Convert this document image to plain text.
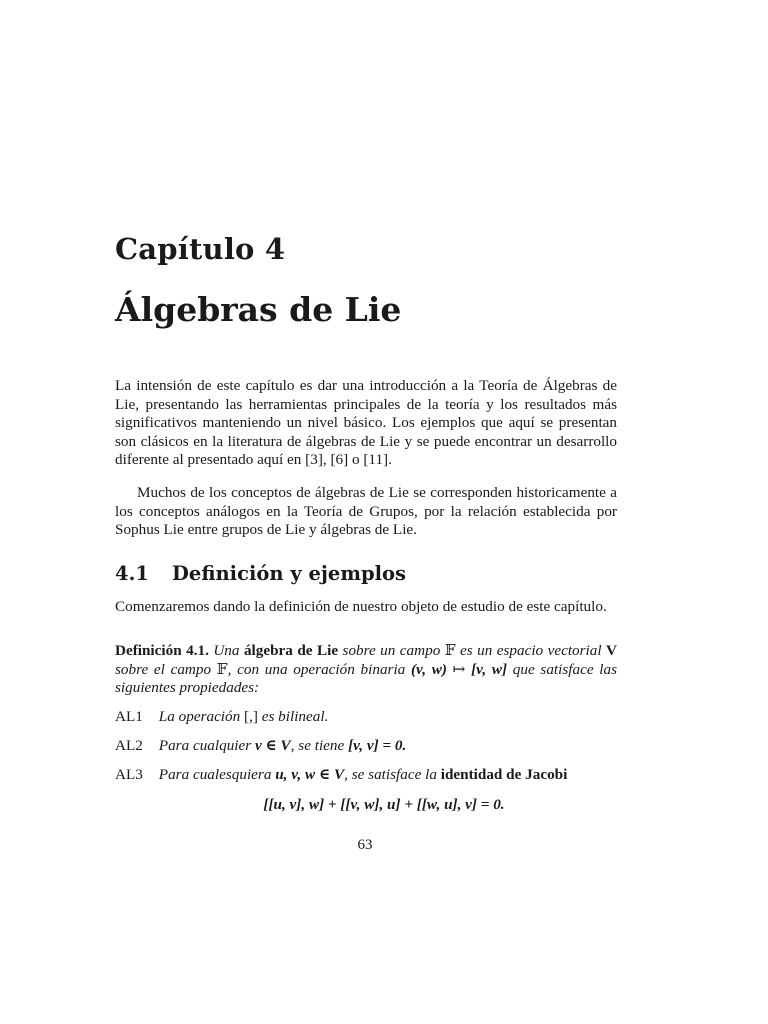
Capítulo 4
Álgebras de Lie
La intensión de este capítulo es dar una introducción a la Teoría de Álgebras de Lie, presentando las herramientas principales de la teoría y los resultados más significativos manteniendo un nivel básico. Los ejemplos que aquí se presentan son clásicos en la literatura de álgebras de Lie y se puede encontrar un desarrollo diferente al presentado aquí en [3], [6] o [11].
Muchos de los conceptos de álgebras de Lie se corresponden historicamente a los conceptos análogos en la Teoría de Grupos, por la relación establecida por Sophus Lie entre grupos de Lie y álgebras de Lie.
4.1 Definición y ejemplos
Comenzaremos dando la definición de nuestro objeto de estudio de este capítulo.
Definición 4.1. Una álgebra de Lie sobre un campo 𝔽 es un espacio vectorial V sobre el campo 𝔽, con una operación binaria (v, w) ↦ [v, w] que satisface las siguientes propiedades:
AL1 La operación [,] es bilineal.
AL2 Para cualquier v ∈ V, se tiene [v, v] = 0.
AL3 Para cualesquiera u, v, w ∈ V, se satisface la identidad de Jacobi
[[u, v], w] + [[v, w], u] + [[w, u], v] = 0.
63
